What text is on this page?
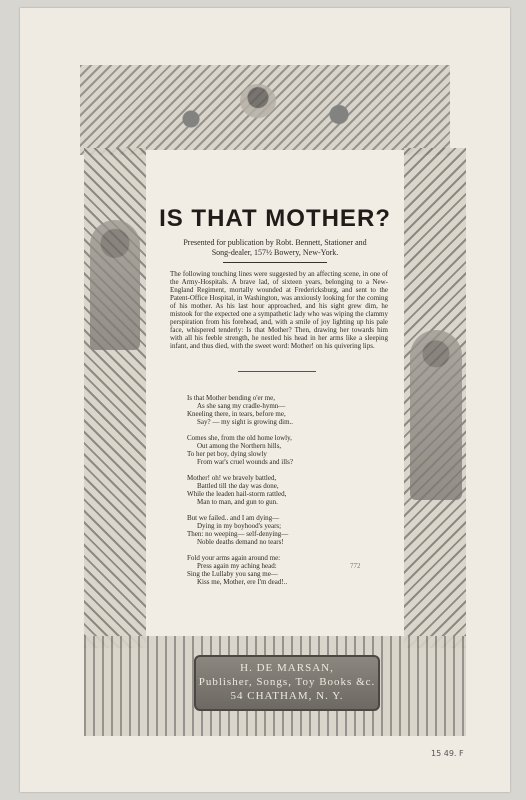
IS THAT MOTHER?
Presented for publication by Robt. Bennett, Stationer and
Song-dealer, 157½ Bowery, New-York.
The following touching lines were suggested by an affecting scene, in one of the Army-Hospitals. A brave lad, of sixteen years, belonging to a New-England Regiment, mortally wounded at Fredericksburg, and sent to the Patent-Office Hospital, in Washington, was anxiously looking for the coming of his mother. As his last hour approached, and his sight grew dim, he mistook for the expected one a sympathetic lady who was wiping the clammy perspiration from his forehead, and, with a smile of joy lighting up his pale face, whispered tenderly: Is that Mother? Then, drawing her towards him with all his feeble strength, he nestled his head in her arms like a sleeping infant, and thus died, with the sweet word: Mother! on his quivering lips.
Is that Mother bending o'er me,
As she sang my cradle-hymn—
Kneeling there, in tears, before me,
Say? — my sight is growing dim..
Comes she, from the old home lowly,
Out among the Northern hills,
To her pet boy, dying slowly
From war's cruel wounds and ills?
Mother! oh! we bravely battled,
Battled till the day was done,
While the leaden hail-storm rattled,
Man to man, and gun to gun.
But we failed.. and I am dying—
Dying in my boyhood's years;
Then: no weeping— self-denying—
Noble deaths demand no tears!
Fold your arms again around me:
Press again my aching head:
Sing the Lullaby you sang me—
Kiss me, Mother, ere I'm dead!..
772
H. DE MARSAN,
Publisher, Songs, Toy Books &c.
54 CHATHAM, N. Y.
15 49. F
